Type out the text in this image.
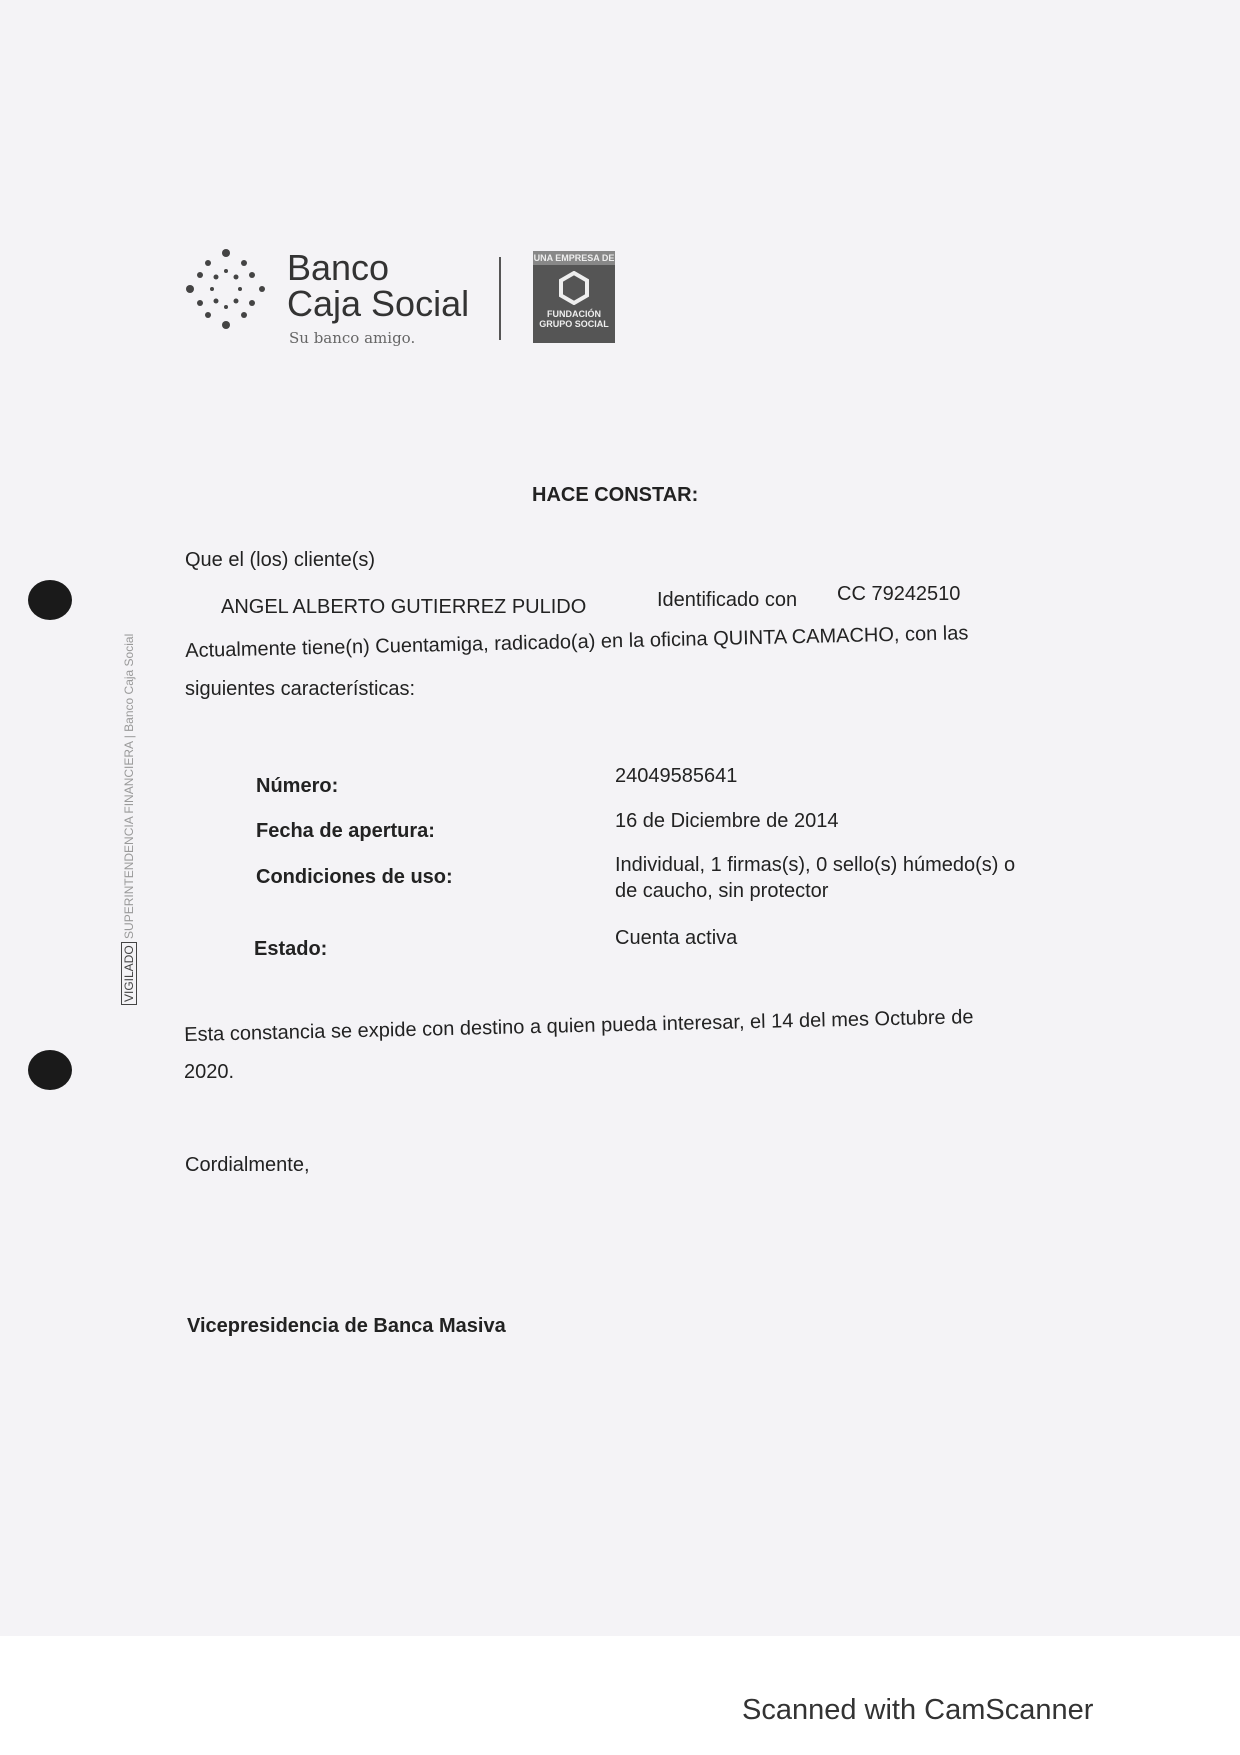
Banco
Caja Social
Su banco amigo.
UNA EMPRESA DE
FUNDACIÓN GRUPO SOCIAL
VIGILADO SUPERINTENDENCIA FINANCIERA | Banco Caja Social
HACE CONSTAR:
Que el (los) cliente(s)
ANGEL ALBERTO GUTIERREZ PULIDO	Identificado con CC 79242510
Actualmente tiene(n) Cuentamiga, radicado(a) en la oficina QUINTA CAMACHO, con las
siguientes características:
Número:	24049585641
Fecha de apertura:	16 de Diciembre de 2014
Condiciones de uso:
Individual, 1 firmas(s), 0 sello(s) húmedo(s) o
de caucho, sin protector
Estado:	Cuenta activa
Esta constancia se expide con destino a quien pueda interesar, el 14 del mes Octubre de
2020.
Cordialmente,
Vicepresidencia de Banca Masiva
Scanned with CamScanner
